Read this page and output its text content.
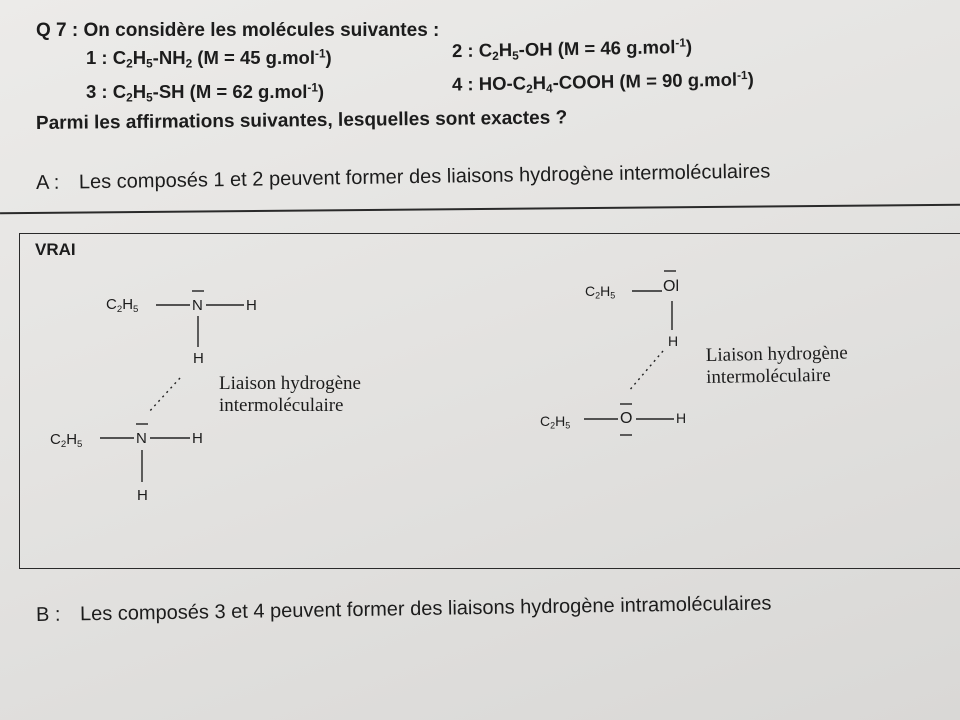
Q 7 : On considère les molécules suivantes :
1 : $C_2H_5-NH_2$ (M = 45 g.mol$^{-1}$)	2 : $C_2H_5-OH$ (M = 46 g.mol$^{-1}$)
3 : $C_2H_5-SH$ (M = 62 g.mol$^{-1}$)	4 : $HO-C_2H_4$-COOH (M = 90 g.mol$^{-1}$)
Parmi les affirmations suivantes, lesquelles sont exactes ?
A : Les composés 1 et 2 peuvent former des liaisons hydrogène intermoléculaires
VRAI
$C_2H_5$	N	H
H
$C_2H_5$	N	H
H
Liaison hydrogène
intermoléculaire
$C_2H_5$
Ol
H
$C_2H_5$	O	H
Liaison hydrogène
intermoléculaire
B : Les composés 3 et 4 peuvent former des liaisons hydrogène intramoléculaires
